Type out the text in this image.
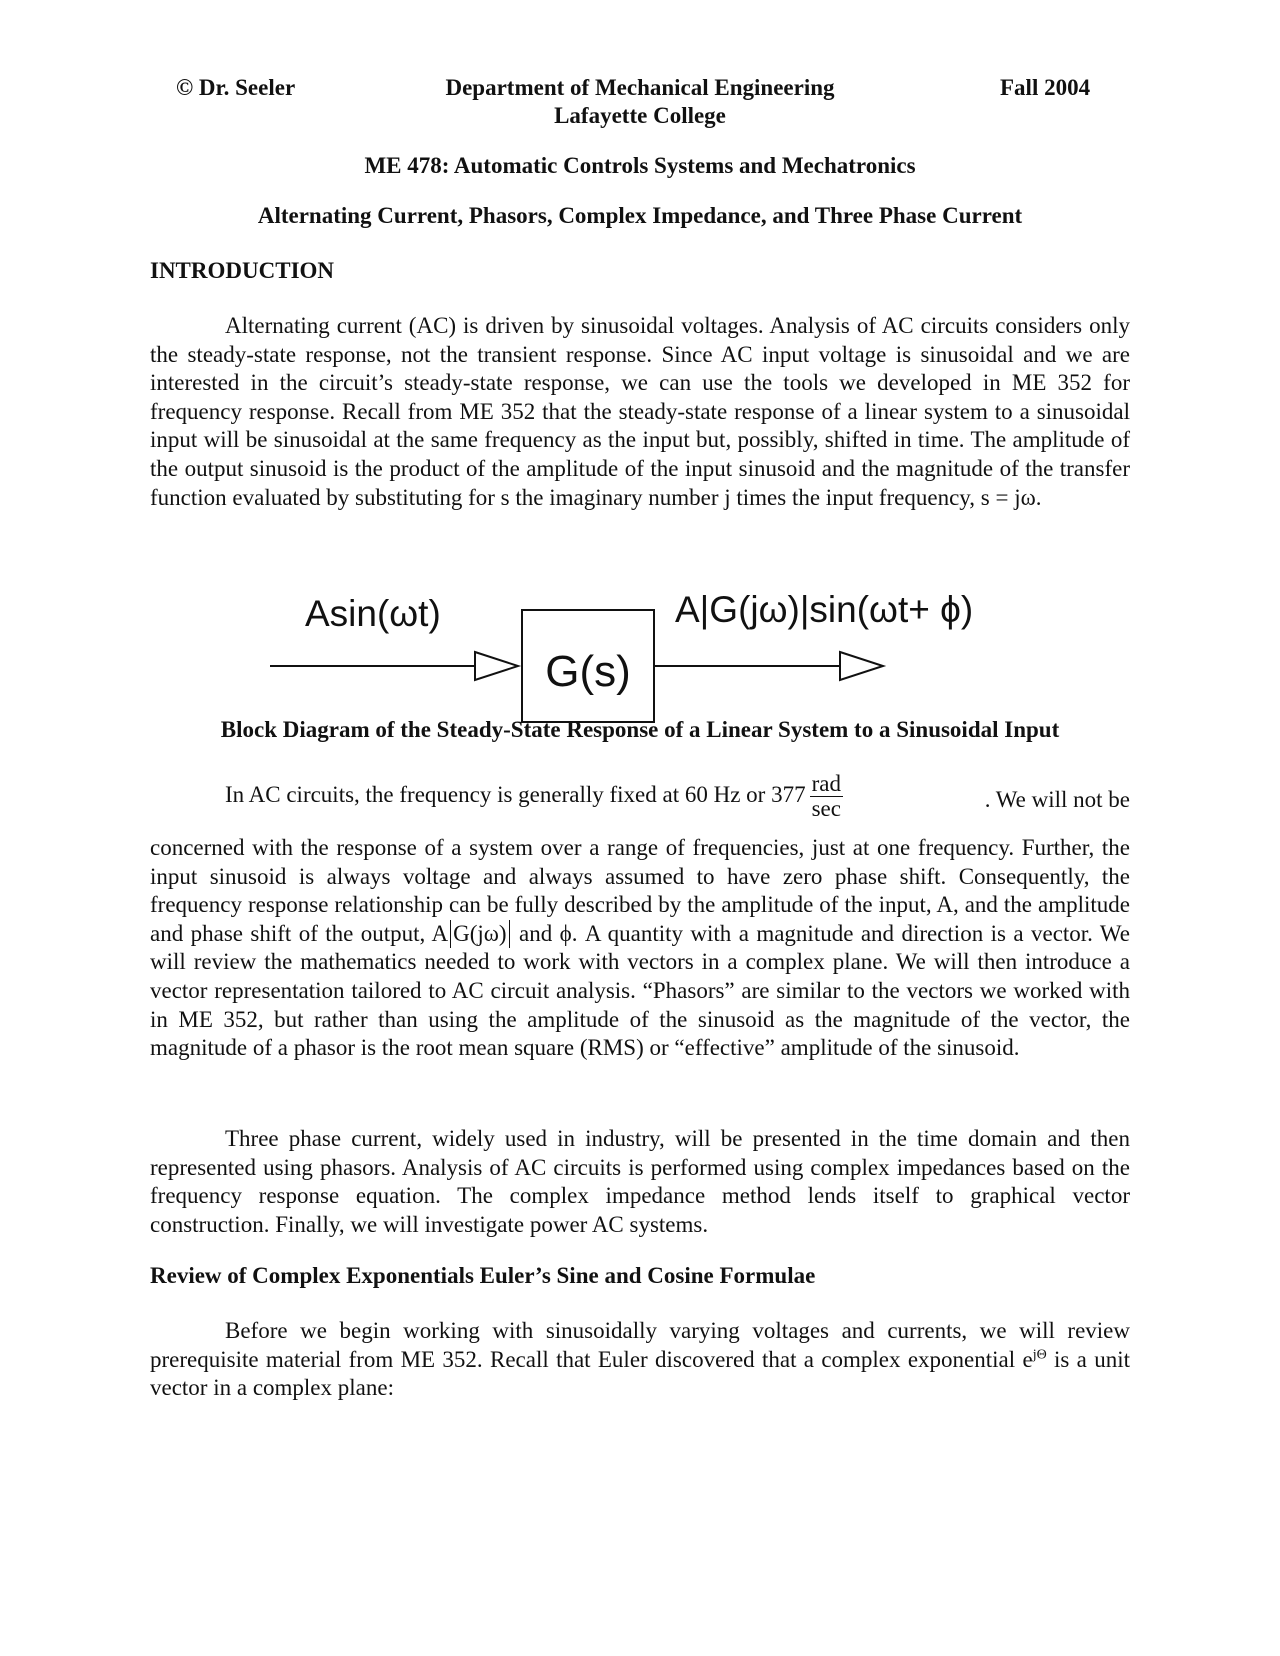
© Dr. Seeler	Department of Mechanical Engineering	Fall 2004
Lafayette College
ME 478: Automatic Controls Systems and Mechatronics
Alternating Current, Phasors, Complex Impedance, and Three Phase Current
INTRODUCTION
Alternating current (AC) is driven by sinusoidal voltages. Analysis of AC circuits considers only the steady-state response, not the transient response. Since AC input voltage is sinusoidal and we are interested in the circuit’s steady-state response, we can use the tools we developed in ME 352 for frequency response. Recall from ME 352 that the steady-state response of a linear system to a sinusoidal input will be sinusoidal at the same frequency as the input but, possibly, shifted in time. The amplitude of the output sinusoid is the product of the amplitude of the input sinusoid and the magnitude of the transfer function evaluated by substituting for s the imaginary number j times the input frequency, s = jω.
Asin(ωt)
G(s)
A|G(jω)|sin(ωt+ ϕ)
Block Diagram of the Steady-State Response of a Linear System to a Sinusoidal Input
In AC circuits, the frequency is generally fixed at 60 Hz or $377 \frac{\text{rad}}{\sec}$	. We will not be
concerned with the response of a system over a range of frequencies, just at one frequency. Further, the input sinusoid is always voltage and always assumed to have zero phase shift. Consequently, the frequency response relationship can be fully described by the amplitude of the input, A, and the amplitude and phase shift of the output, A G(jω) and ϕ. A quantity with a magnitude and direction is a vector. We will review the mathematics needed to work with vectors in a complex plane. We will then introduce a vector representation tailored to AC circuit analysis. “Phasors” are similar to the vectors we worked with in ME 352, but rather than using the amplitude of the sinusoid as the magnitude of the vector, the magnitude of a phasor is the root mean square (RMS) or “effective” amplitude of the sinusoid.
Three phase current, widely used in industry, will be presented in the time domain and then represented using phasors. Analysis of AC circuits is performed using complex impedances based on the frequency response equation. The complex impedance method lends itself to graphical vector construction. Finally, we will investigate power AC systems.
Review of Complex Exponentials Euler’s Sine and Cosine Formulae
Before we begin working with sinusoidally varying voltages and currents, we will review prerequisite material from ME 352. Recall that Euler discovered that a complex exponential $e^{j\Theta}$ is a unit vector in a complex plane:
